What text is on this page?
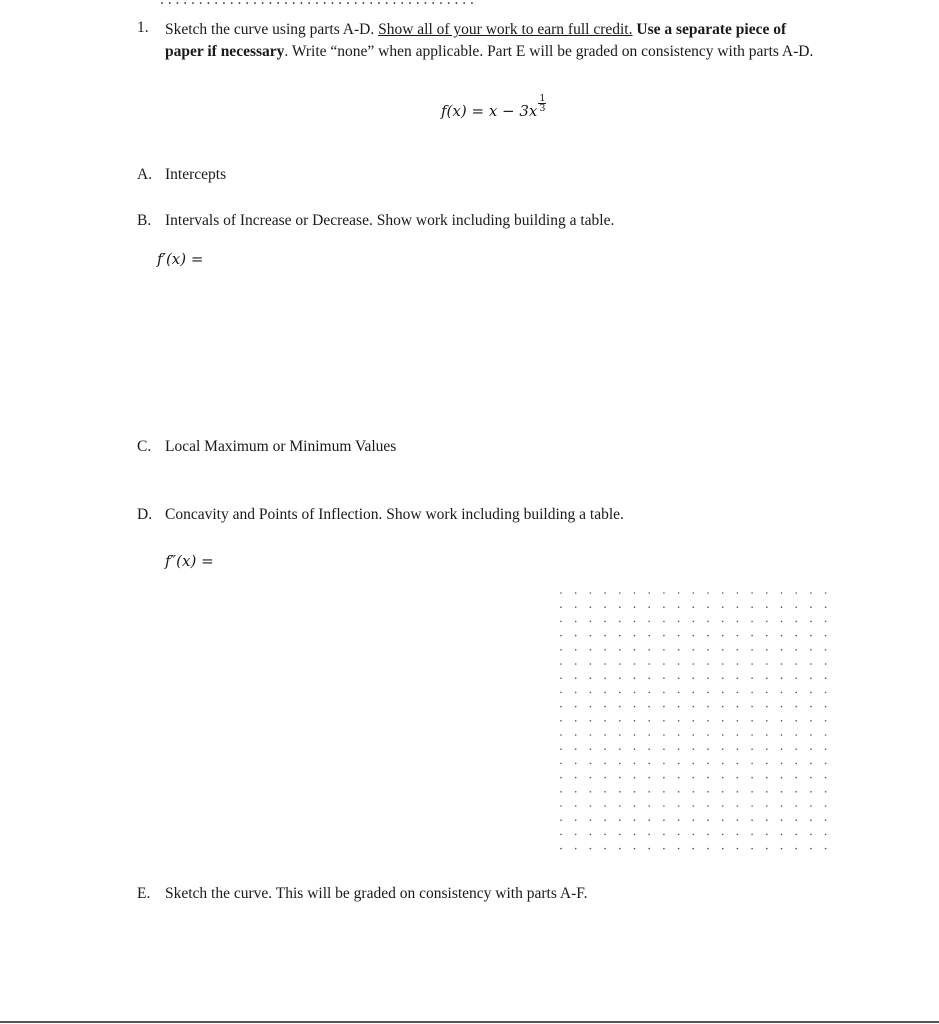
1. Sketch the curve using parts A-D. Show all of your work to earn full credit. Use a separate piece of paper if necessary. Write “none” when applicable. Part E will be graded on consistency with parts A-D.
$f(x) = x - 3x \frac{1}{3}$
A. Intercepts
B. Intervals of Increase or Decrease. Show work including building a table.
f′(x) =
C. Local Maximum or Minimum Values
D. Concavity and Points of Inflection. Show work including building a table.
f″(x) =
E. Sketch the curve. This will be graded on consistency with parts A-F.
